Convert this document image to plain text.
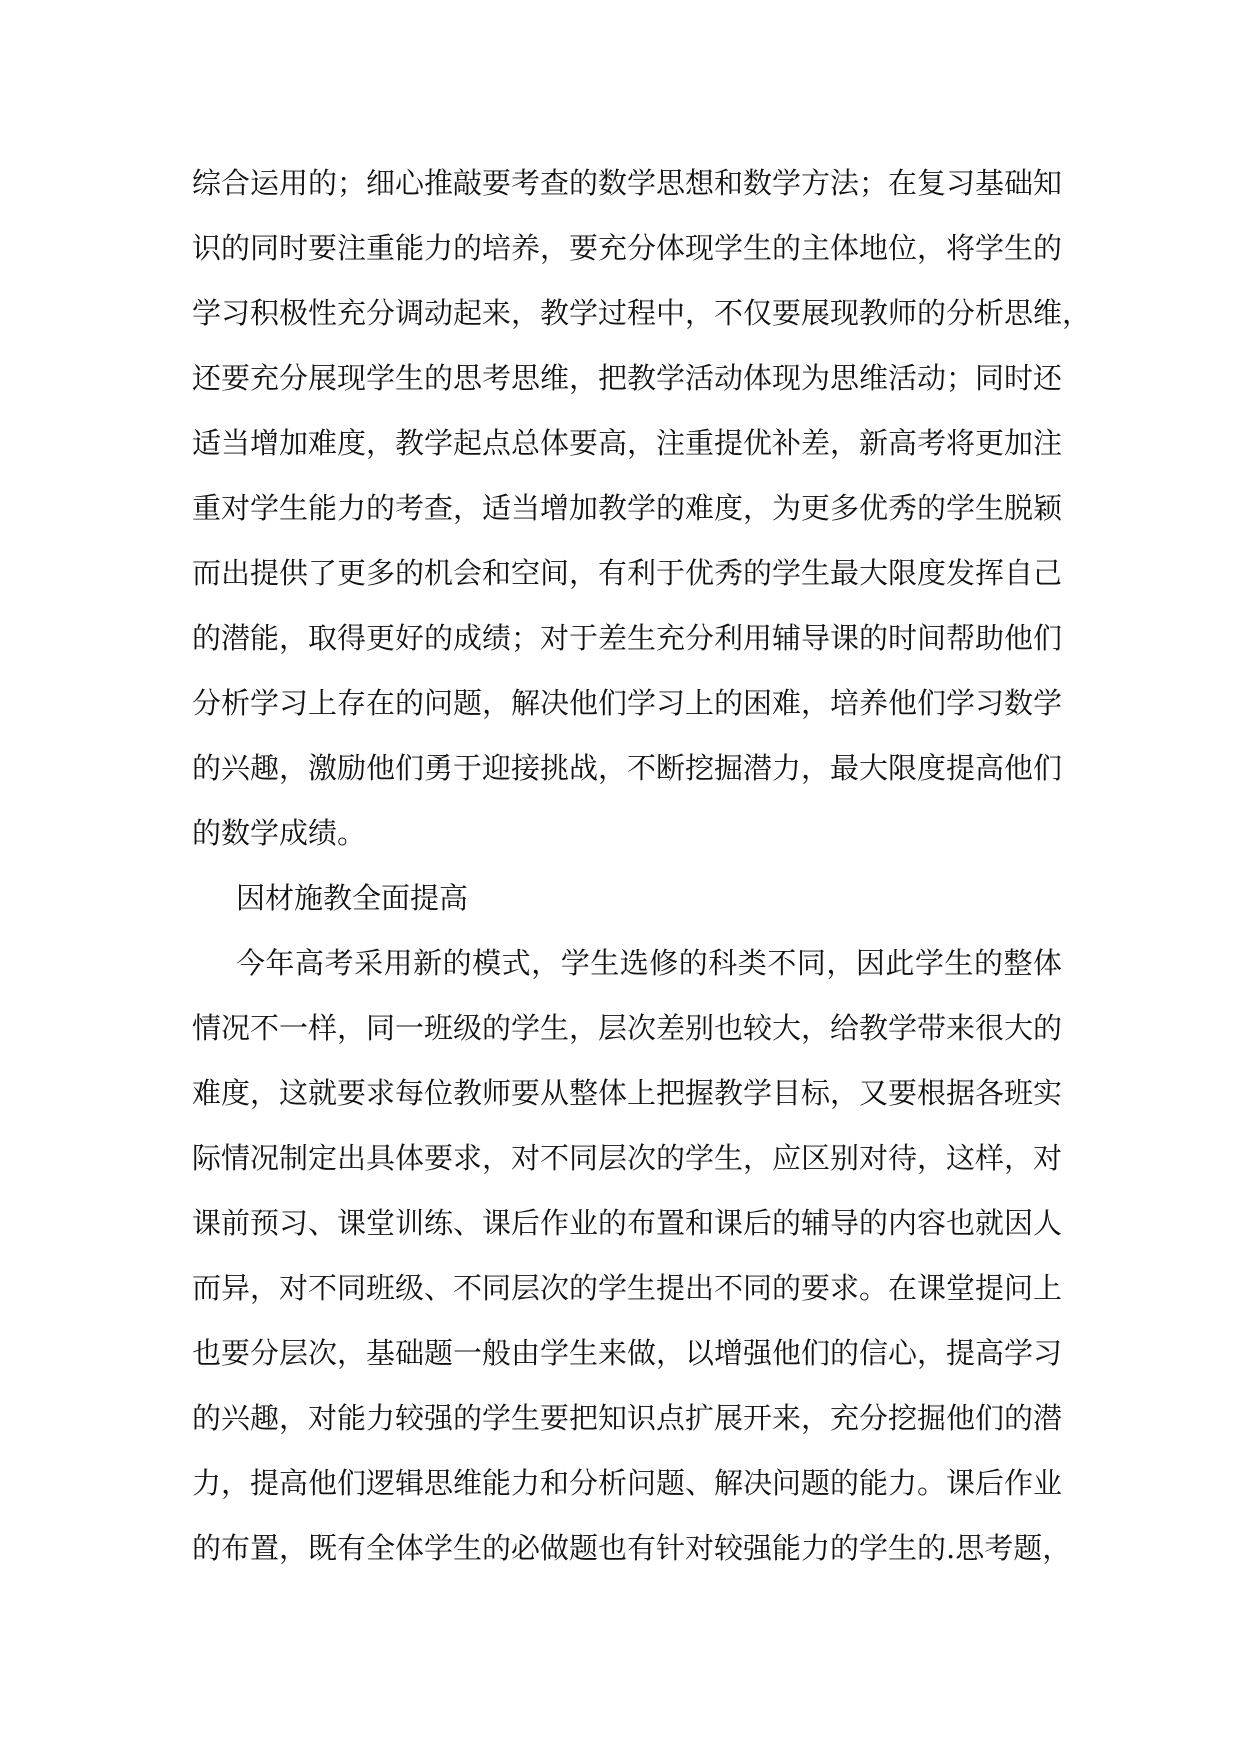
综合运用的；细心推敲要考查的数学思想和数学方法；在复习基础知
识的同时要注重能力的培养，要充分体现学生的主体地位，将学生的
学习积极性充分调动起来，教学过程中，不仅要展现教师的分析思维，
还要充分展现学生的思考思维，把教学活动体现为思维活动；同时还
适当增加难度，教学起点总体要高，注重提优补差，新高考将更加注
重对学生能力的考查，适当增加教学的难度，为更多优秀的学生脱颖
而出提供了更多的机会和空间，有利于优秀的学生最大限度发挥自己
的潜能，取得更好的成绩；对于差生充分利用辅导课的时间帮助他们
分析学习上存在的问题，解决他们学习上的困难，培养他们学习数学
的兴趣，激励他们勇于迎接挑战，不断挖掘潜力，最大限度提高他们
的数学成绩。
因材施教全面提高
今年高考采用新的模式，学生选修的科类不同，因此学生的整体
情况不一样，同一班级的学生，层次差别也较大，给教学带来很大的
难度，这就要求每位教师要从整体上把握教学目标，又要根据各班实
际情况制定出具体要求，对不同层次的学生，应区别对待，这样，对
课前预习、课堂训练、课后作业的布置和课后的辅导的内容也就因人
而异，对不同班级、不同层次的学生提出不同的要求。在课堂提问上
也要分层次，基础题一般由学生来做，以增强他们的信心，提高学习
的兴趣，对能力较强的学生要把知识点扩展开来，充分挖掘他们的潜
力，提高他们逻辑思维能力和分析问题、解决问题的能力。课后作业
的布置，既有全体学生的必做题也有针对较强能力的学生的.思考题，
